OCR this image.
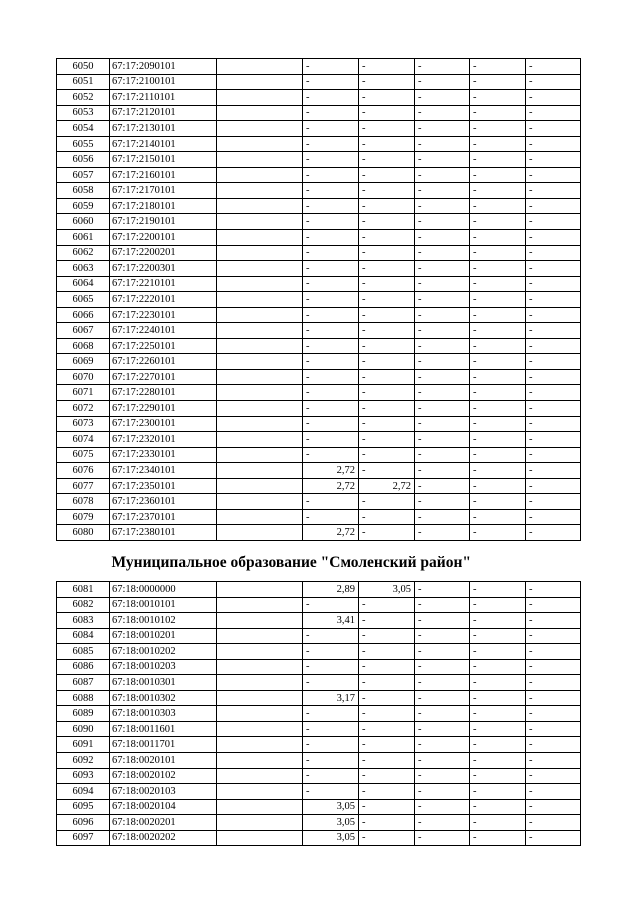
6050	67:17:2090101		-	-	-	-	-
6051	67:17:2100101		-	-	-	-	-
6052	67:17:2110101		-	-	-	-	-
6053	67:17:2120101		-	-	-	-	-
6054	67:17:2130101		-	-	-	-	-
6055	67:17:2140101		-	-	-	-	-
6056	67:17:2150101		-	-	-	-	-
6057	67:17:2160101		-	-	-	-	-
6058	67:17:2170101		-	-	-	-	-
6059	67:17:2180101		-	-	-	-	-
6060	67:17:2190101		-	-	-	-	-
6061	67:17:2200101		-	-	-	-	-
6062	67:17:2200201		-	-	-	-	-
6063	67:17:2200301		-	-	-	-	-
6064	67:17:2210101		-	-	-	-	-
6065	67:17:2220101		-	-	-	-	-
6066	67:17:2230101		-	-	-	-	-
6067	67:17:2240101		-	-	-	-	-
6068	67:17:2250101		-	-	-	-	-
6069	67:17:2260101		-	-	-	-	-
6070	67:17:2270101		-	-	-	-	-
6071	67:17:2280101		-	-	-	-	-
6072	67:17:2290101		-	-	-	-	-
6073	67:17:2300101		-	-	-	-	-
6074	67:17:2320101		-	-	-	-	-
6075	67:17:2330101		-	-	-	-	-
6076	67:17:2340101		2,72	-	-	-	-
6077	67:17:2350101		2,72	2,72	-	-	-
6078	67:17:2360101		-	-	-	-	-
6079	67:17:2370101		-	-	-	-	-
6080	67:17:2380101		2,72	-	-	-	-
	Муниципальное образование "Смоленский район"						
6081	67:18:0000000		2,89	3,05	-	-	-
6082	67:18:0010101		-	-	-	-	-
6083	67:18:0010102		3,41	-	-	-	-
6084	67:18:0010201		-	-	-	-	-
6085	67:18:0010202		-	-	-	-	-
6086	67:18:0010203		-	-	-	-	-
6087	67:18:0010301		-	-	-	-	-
6088	67:18:0010302		3,17	-	-	-	-
6089	67:18:0010303		-	-	-	-	-
6090	67:18:0011601		-	-	-	-	-
6091	67:18:0011701		-	-	-	-	-
6092	67:18:0020101		-	-	-	-	-
6093	67:18:0020102		-	-	-	-	-
6094	67:18:0020103		-	-	-	-	-
6095	67:18:0020104		3,05	-	-	-	-
6096	67:18:0020201		3,05	-	-	-	-
6097	67:18:0020202		3,05	-	-	-	-
